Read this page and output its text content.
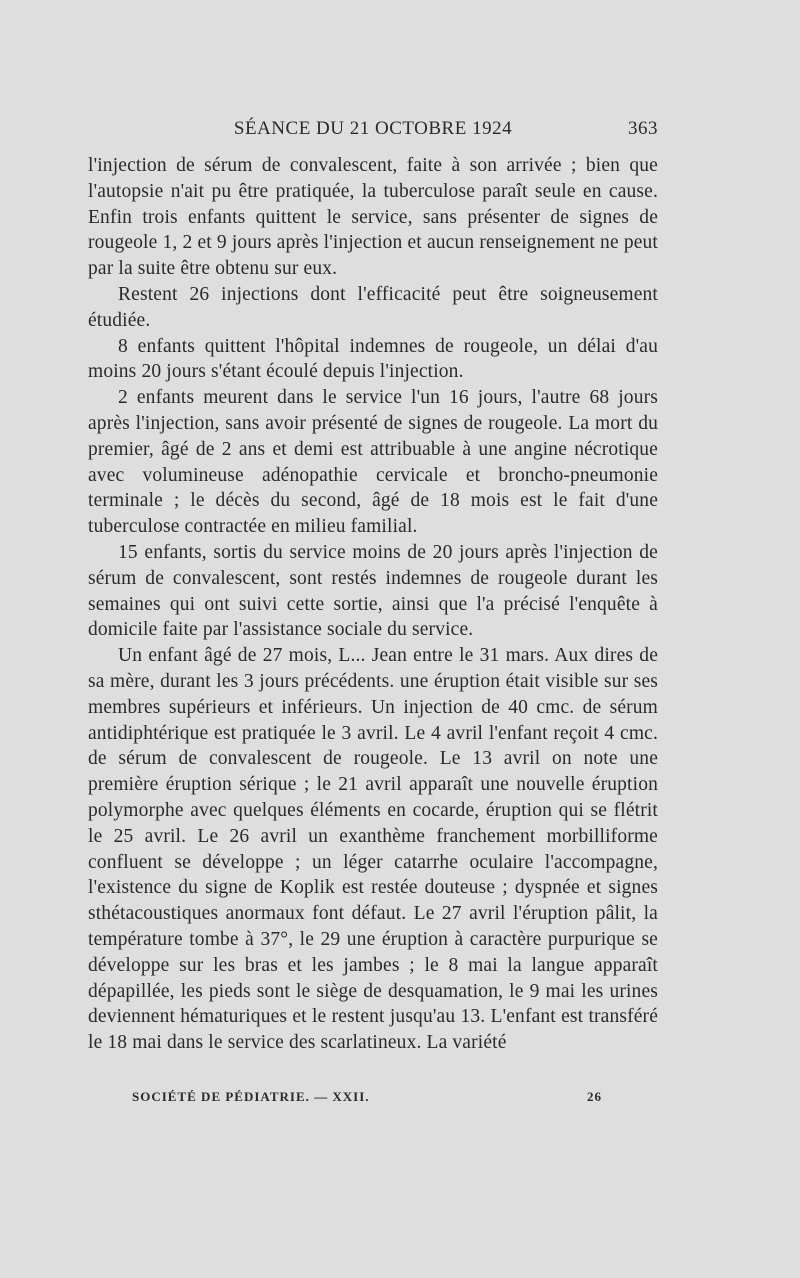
SÉANCE DU 21 OCTOBRE 1924	363

l'injection de sérum de convalescent, faite à son arrivée ; bien que l'autopsie n'ait pu être pratiquée, la tuberculose paraît seule en cause. Enfin trois enfants quittent le service, sans présenter de signes de rougeole 1, 2 et 9 jours après l'injection et aucun renseignement ne peut par la suite être obtenu sur eux.

Restent 26 injections dont l'efficacité peut être soigneusement étudiée.

8 enfants quittent l'hôpital indemnes de rougeole, un délai d'au moins 20 jours s'étant écoulé depuis l'injection.

2 enfants meurent dans le service l'un 16 jours, l'autre 68 jours après l'injection, sans avoir présenté de signes de rougeole. La mort du premier, âgé de 2 ans et demi est attribuable à une angine nécrotique avec volumineuse adénopathie cervicale et broncho-pneumonie terminale ; le décès du second, âgé de 18 mois est le fait d'une tuberculose contractée en milieu familial.

15 enfants, sortis du service moins de 20 jours après l'injection de sérum de convalescent, sont restés indemnes de rougeole durant les semaines qui ont suivi cette sortie, ainsi que l'a précisé l'enquête à domicile faite par l'assistance sociale du service.

Un enfant âgé de 27 mois, L... Jean entre le 31 mars. Aux dires de sa mère, durant les 3 jours précédents. une éruption était visible sur ses membres supérieurs et inférieurs. Un injection de 40 cmc. de sérum antidiphtérique est pratiquée le 3 avril. Le 4 avril l'enfant reçoit 4 cmc. de sérum de convalescent de rougeole. Le 13 avril on note une première éruption sérique ; le 21 avril apparaît une nouvelle éruption polymorphe avec quelques éléments en cocarde, éruption qui se flétrit le 25 avril. Le 26 avril un exanthème franchement morbilliforme confluent se développe ; un léger catarrhe oculaire l'accompagne, l'existence du signe de Koplik est restée douteuse ; dyspnée et signes sthétacoustiques anormaux font défaut. Le 27 avril l'éruption pâlit, la température tombe à 37°, le 29 une éruption à caractère purpurique se développe sur les bras et les jambes ; le 8 mai la langue apparaît dépapillée, les pieds sont le siège de desquamation, le 9 mai les urines deviennent hématuriques et le restent jusqu'au 13. L'enfant est transféré le 18 mai dans le service des scarlatineux. La variété

SOCIÉTÉ DE PÉDIATRIE. — XXII.	26
